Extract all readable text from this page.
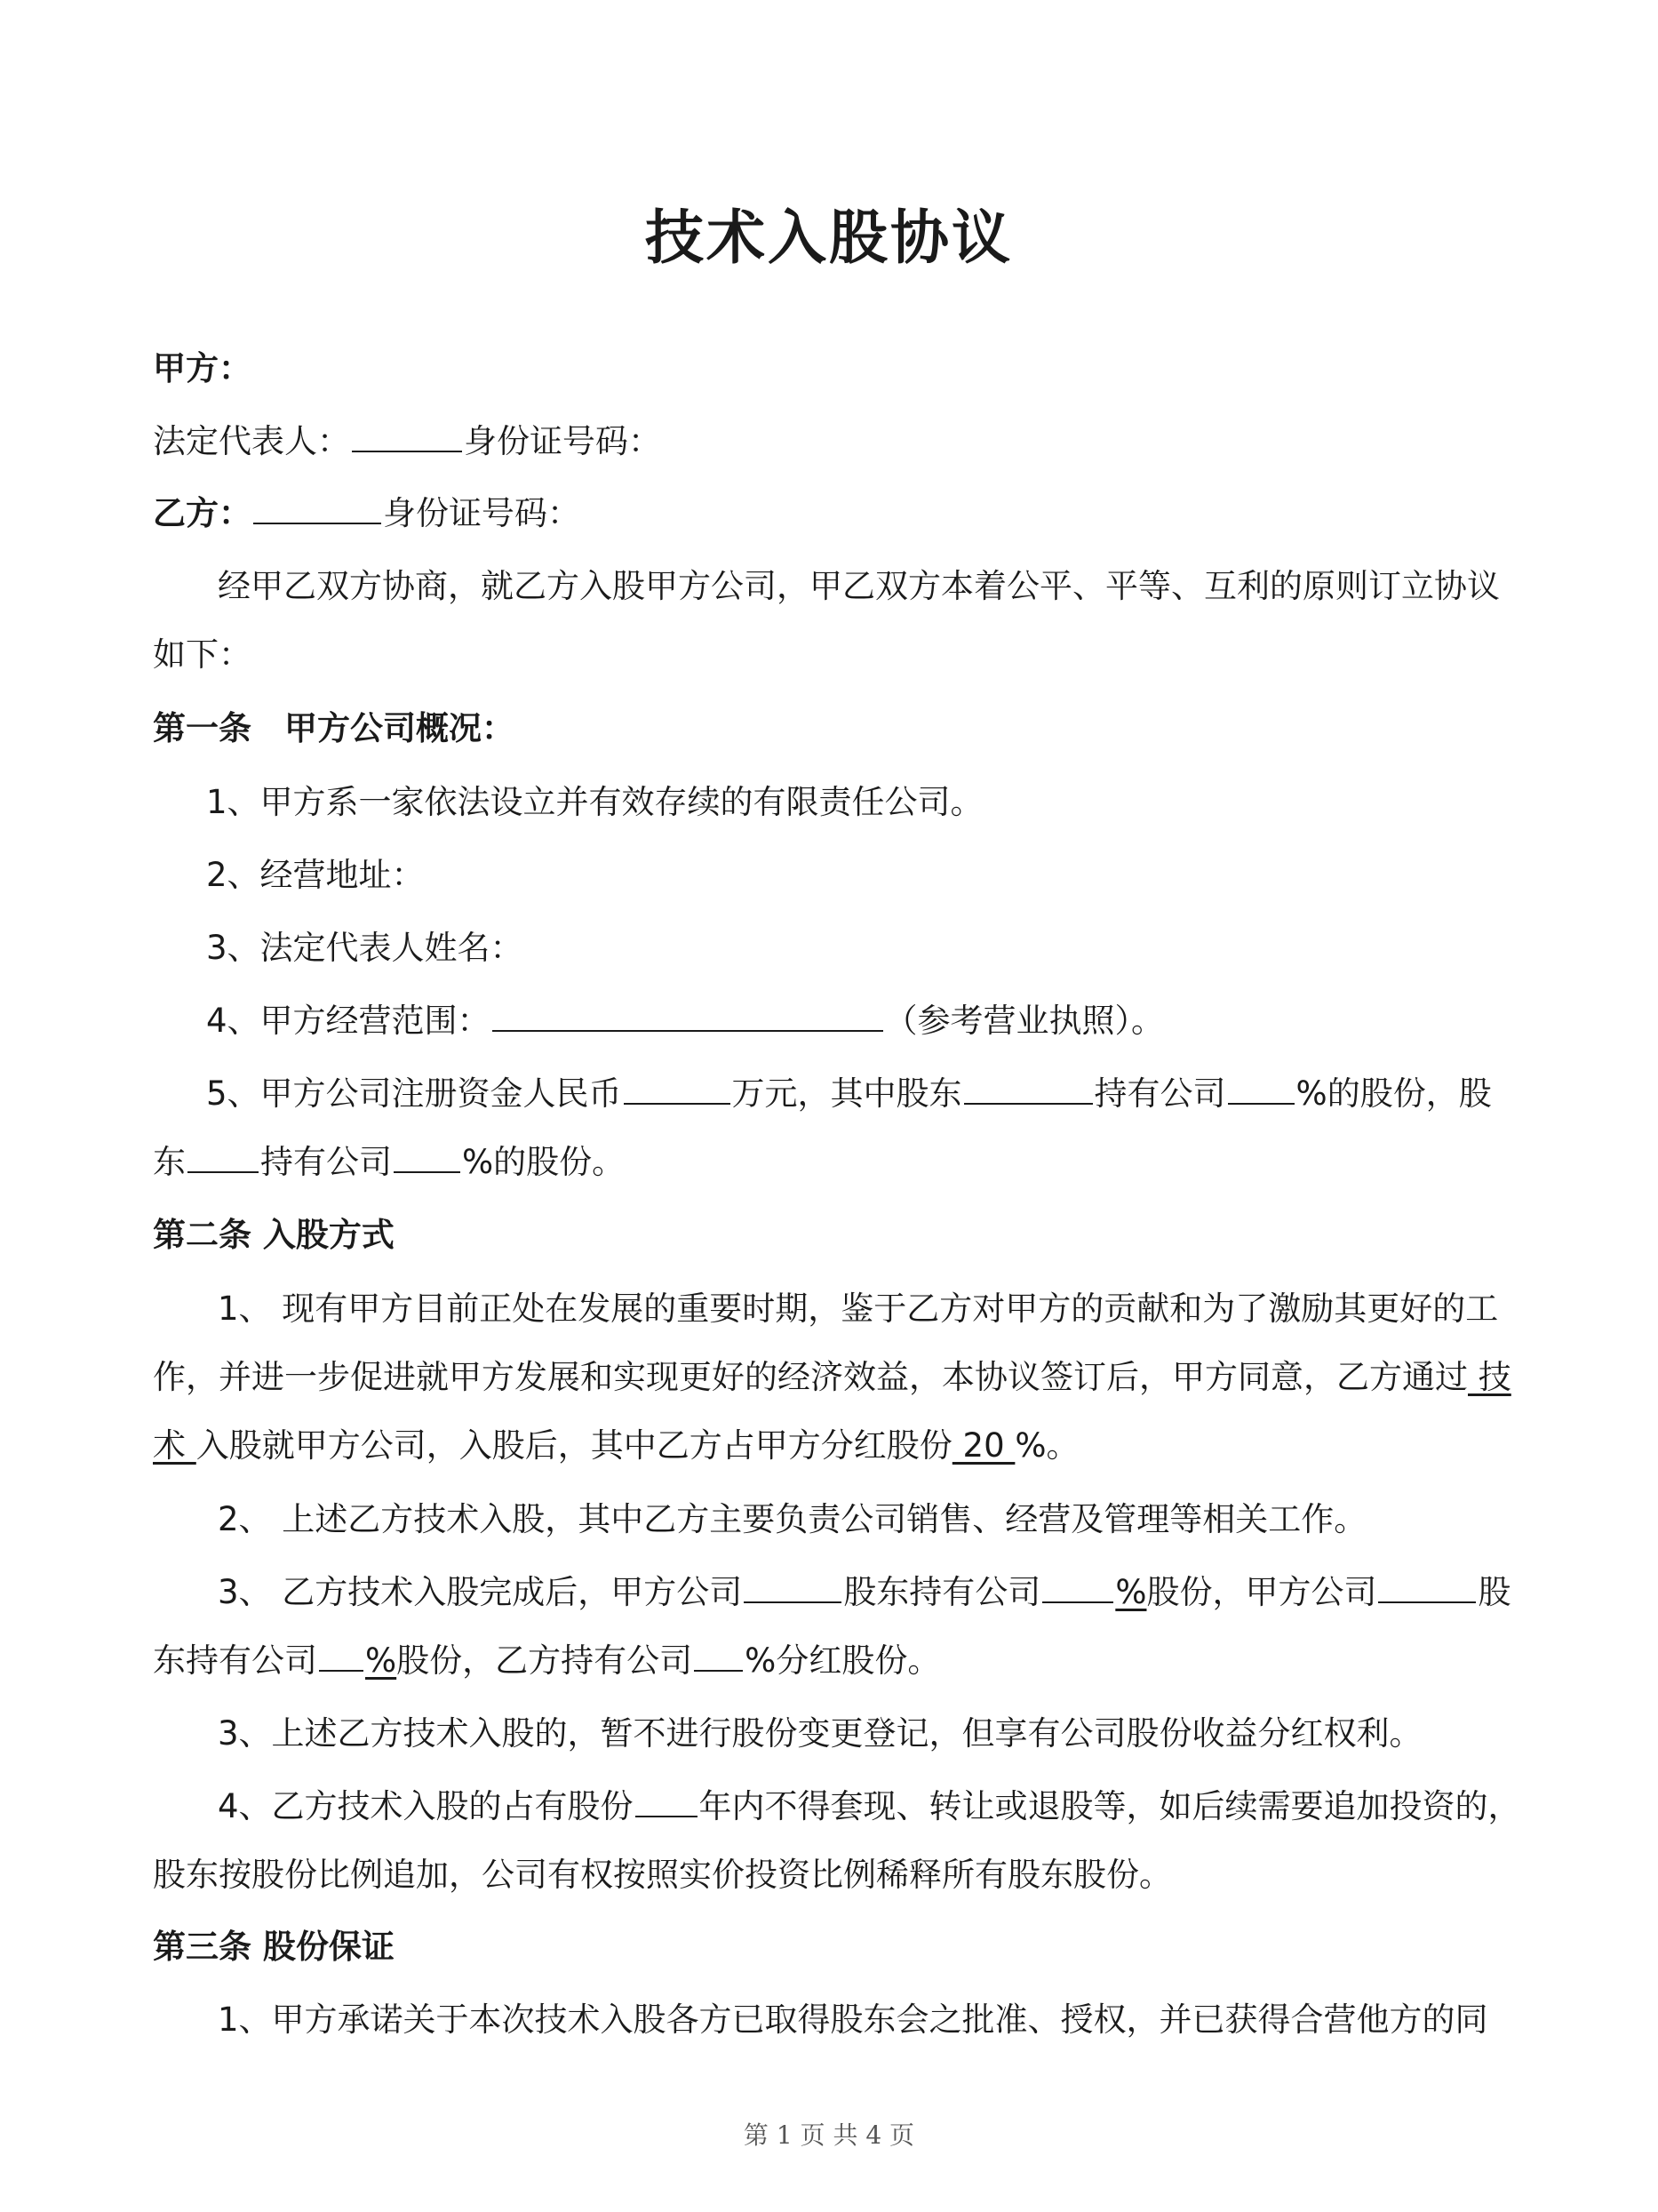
技术入股协议
甲方：
法定代表人：	身份证号码：
乙方：	身份证号码：
经甲乙双方协商，就乙方入股甲方公司，甲乙双方本着公平、平等、互利的原则订立协议
如下：
第一条　甲方公司概况：
1、甲方系一家依法设立并有效存续的有限责任公司。
2、经营地址：
3、法定代表人姓名：
4、甲方经营范围：	（参考营业执照）。
5、甲方公司注册资金人民币	万元，其中股东	持有公司 %的股份，股
东 持有公司 %的股份。
第二条 入股方式
1、 现有甲方目前正处在发展的重要时期，鉴于乙方对甲方的贡献和为了激励其更好的工
作，并进一步促进就甲方发展和实现更好的经济效益，本协议签订后，甲方同意，乙方通过 技
术 入股就甲方公司，入股后，其中乙方占甲方分红股份 20 %。
2、 上述乙方技术入股，其中乙方主要负责公司销售、经营及管理等相关工作。
3、 乙方技术入股完成后，甲方公司	股东持有公司 %股份，甲方公司	股
东持有公司 %股份，乙方持有公司 %分红股份。
3、上述乙方技术入股的，暂不进行股份变更登记，但享有公司股份收益分红权利。
4、乙方技术入股的占有股份 年内不得套现、转让或退股等，如后续需要追加投资的，
股东按股份比例追加，公司有权按照实价投资比例稀释所有股东股份。
第三条 股份保证
1、甲方承诺关于本次技术入股各方已取得股东会之批准、授权，并已获得合营他方的同
第 1 页 共 4 页
